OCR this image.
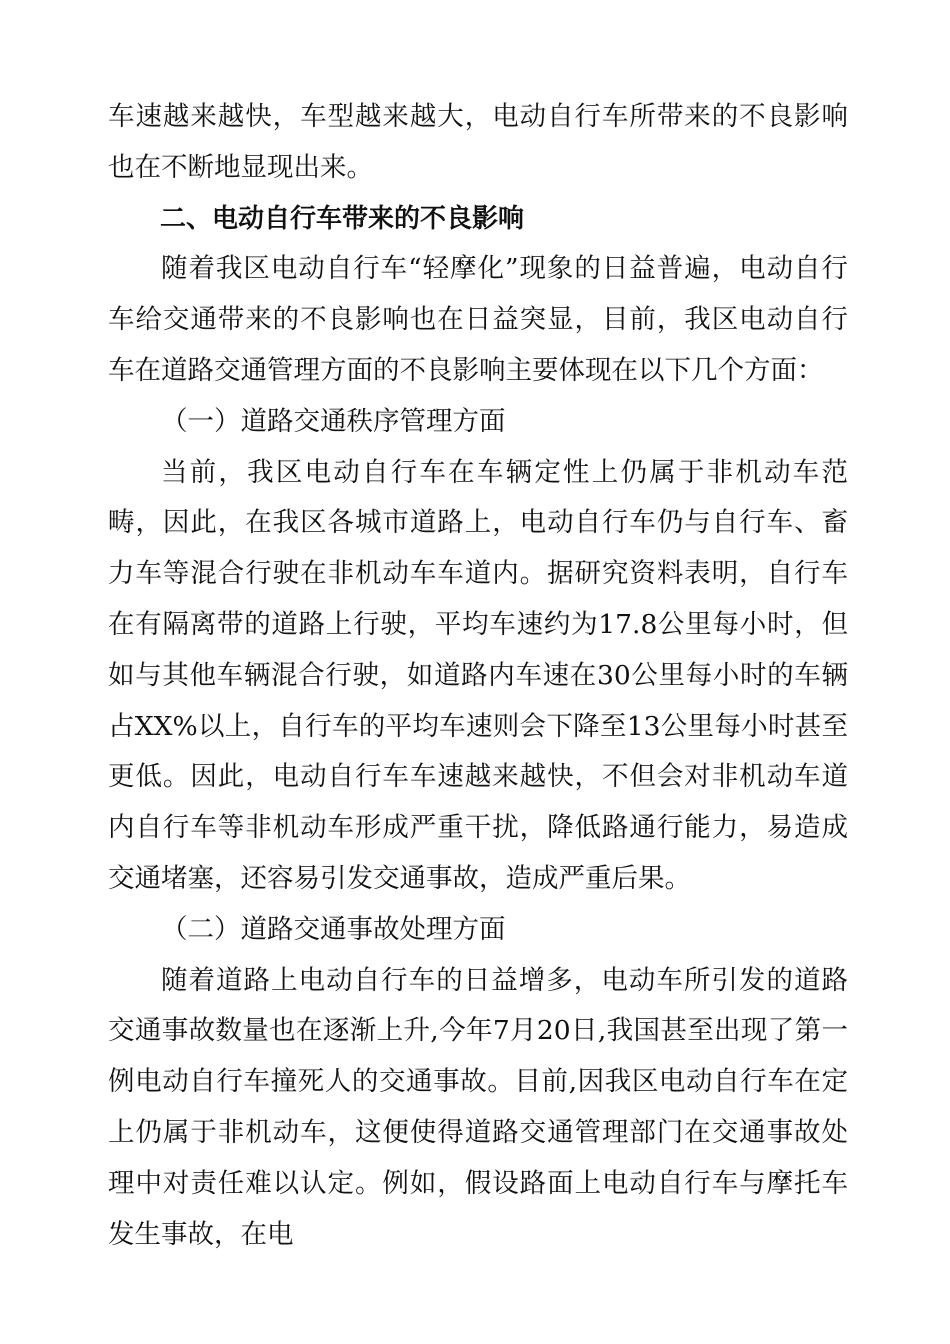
车速越来越快，车型越来越大，电动自行车所带来的不良影响也在不断地显现出来。

二、电动自行车带来的不良影响

随着我区电动自行车“轻摩化”现象的日益普遍，电动自行车给交通带来的不良影响也在日益突显，目前，我区电动自行车在道路交通管理方面的不良影响主要体现在以下几个方面：

（一）道路交通秩序管理方面

当前，我区电动自行车在车辆定性上仍属于非机动车范畴，因此，在我区各城市道路上，电动自行车仍与自行车、畜力车等混合行驶在非机动车车道内。据研究资料表明，自行车在有隔离带的道路上行驶，平均车速约为17.8公里每小时，但如与其他车辆混合行驶，如道路内车速在30公里每小时的车辆占XX%以上，自行车的平均车速则会下降至13公里每小时甚至更低。因此，电动自行车车速越来越快，不但会对非机动车道内自行车等非机动车形成严重干扰，降低路通行能力，易造成交通堵塞，还容易引发交通事故，造成严重后果。

（二）道路交通事故处理方面

随着道路上电动自行车的日益增多，电动车所引发的道路交通事故数量也在逐渐上升,今年7月20日,我国甚至出现了第一例电动自行车撞死人的交通事故。目前,因我区电动自行车在定上仍属于非机动车，这便使得道路交通管理部门在交通事故处理中对责任难以认定。例如，假设路面上电动自行车与摩托车发生事故，在电
